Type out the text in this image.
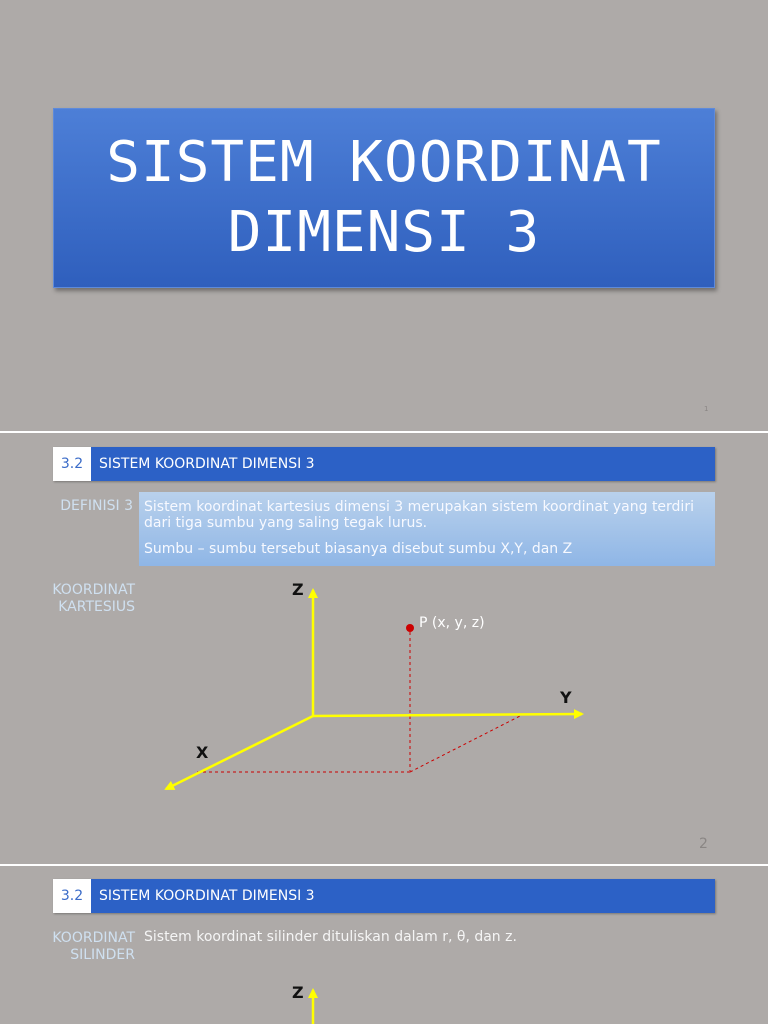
SISTEM KOORDINAT
DIMENSI 3
1
3.2	SISTEM KOORDINAT DIMENSI 3
DEFINISI 3 Sistem koordinat kartesius dimensi 3 merupakan sistem koordinat yang terdiri
dari tiga sumbu yang saling tegak lurus.
Sumbu – sumbu tersebut biasanya disebut sumbu X,Y, dan Z
KOORDINAT
KARTESIUS
Z
Y
X
P (x, y, z)
2
3.2	SISTEM KOORDINAT DIMENSI 3
KOORDINAT
SILINDER
Sistem koordinat silinder dituliskan dalam r, θ, dan z.
Z
